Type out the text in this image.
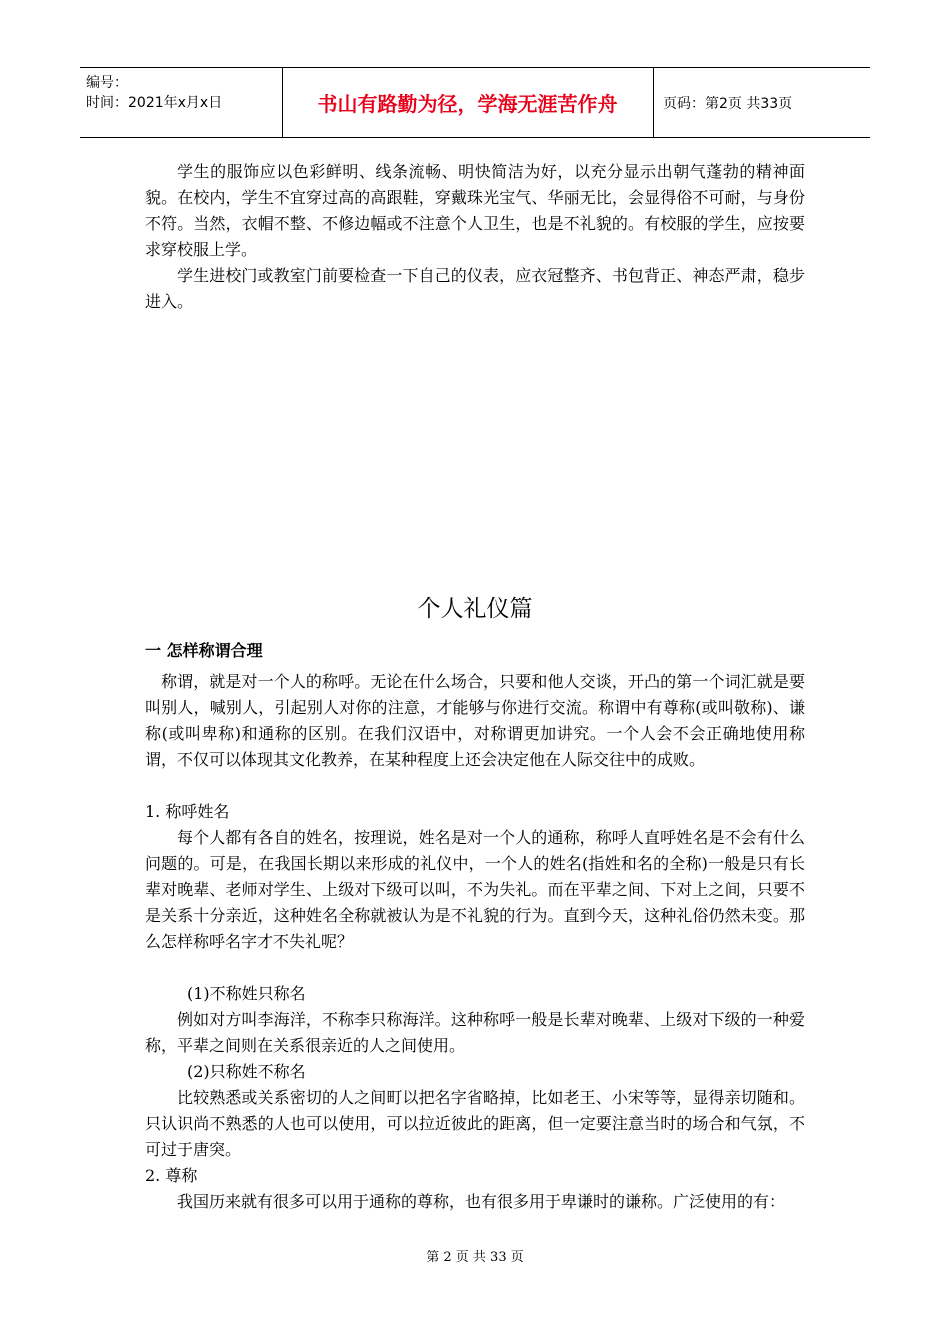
编号：
时间：2021年x月x日	书山有路勤为径，学海无涯苦作舟	页码：第2页 共33页

学生的服饰应以色彩鲜明、线条流畅、明快简洁为好，以充分显示出朝气蓬勃的精神面貌。在校内，学生不宜穿过高的高跟鞋，穿戴珠光宝气、华丽无比，会显得俗不可耐，与身份不符。当然，衣帽不整、不修边幅或不注意个人卫生，也是不礼貌的。有校服的学生，应按要求穿校服上学。

学生进校门或教室门前要检查一下自己的仪表，应衣冠整齐、书包背正、神态严肃，稳步进入。

个人礼仪篇
一 怎样称谓合理

称谓，就是对一个人的称呼。无论在什么场合，只要和他人交谈，开凸的第一个词汇就是要叫别人，喊别人，引起别人对你的注意，才能够与你进行交流。称谓中有尊称(或叫敬称)、谦称(或叫卑称)和通称的区别。在我们汉语中，对称谓更加讲究。一个人会不会正确地使用称谓，不仅可以体现其文化教养，在某种程度上还会决定他在人际交往中的成败。

1. 称呼姓名

每个人都有各自的姓名，按理说，姓名是对一个人的通称，称呼人直呼姓名是不会有什么问题的。可是，在我国长期以来形成的礼仪中，一个人的姓名(指姓和名的全称)一般是只有长辈对晚辈、老师对学生、上级对下级可以叫，不为失礼。而在平辈之间、下对上之间，只要不是关系十分亲近，这种姓名全称就被认为是不礼貌的行为。直到今天，这种礼俗仍然未变。那么怎样称呼名字才不失礼呢？

(1)不称姓只称名

例如对方叫李海洋，不称李只称海洋。这种称呼一般是长辈对晚辈、上级对下级的一种爱称，平辈之间则在关系很亲近的人之间使用。

(2)只称姓不称名

比较熟悉或关系密切的人之间町以把名字省略掉，比如老王、小宋等等，显得亲切随和。只认识尚不熟悉的人也可以使用，可以拉近彼此的距离，但一定要注意当时的场合和气氛，不可过于唐突。

2. 尊称

我国历来就有很多可以用于通称的尊称，也有很多用于卑谦时的谦称。广泛使用的有：

第 2 页 共 33 页
